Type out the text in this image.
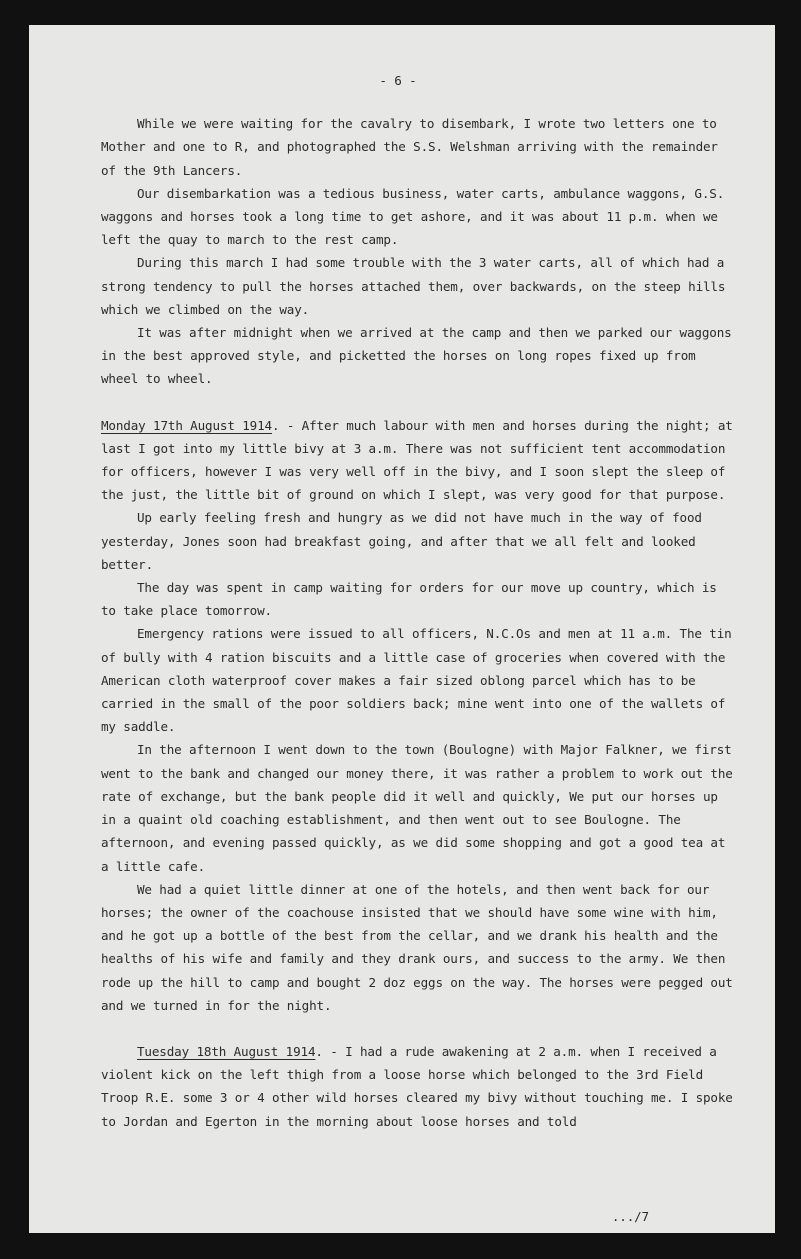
- 6 -

While we were waiting for the cavalry to disembark, I wrote two letters one to Mother and one to R, and photographed the S.S. Welshman arriving with the remainder of the 9th Lancers.

Our disembarkation was a tedious business, water carts, ambulance waggons, G.S. waggons and horses took a long time to get ashore, and it was about 11 p.m. when we left the quay to march to the rest camp.

During this march I had some trouble with the 3 water carts, all of which had a strong tendency to pull the horses attached them, over backwards, on the steep hills which we climbed on the way.

It was after midnight when we arrived at the camp and then we parked our waggons in the best approved style, and picketted the horses on long ropes fixed up from wheel to wheel.

Monday 17th August 1914. - After much labour with men and horses during the night; at last I got into my little bivy at 3 a.m. There was not sufficient tent accommodation for officers, however I was very well off in the bivy, and I soon slept the sleep of the just, the little bit of ground on which I slept, was very good for that purpose.

Up early feeling fresh and hungry as we did not have much in the way of food yesterday, Jones soon had breakfast going, and after that we all felt and looked better.

The day was spent in camp waiting for orders for our move up country, which is to take place tomorrow.

Emergency rations were issued to all officers, N.C.Os and men at 11 a.m. The tin of bully with 4 ration biscuits and a little case of groceries when covered with the American cloth waterproof cover makes a fair sized oblong parcel which has to be carried in the small of the poor soldiers back; mine went into one of the wallets of my saddle.

In the afternoon I went down to the town (Boulogne) with Major Falkner, we first went to the bank and changed our money there, it was rather a problem to work out the rate of exchange, but the bank people did it well and quickly, We put our horses up in a quaint old coaching establishment, and then went out to see Boulogne. The afternoon, and evening passed quickly, as we did some shopping and got a good tea at a little cafe.

We had a quiet little dinner at one of the hotels, and then went back for our horses; the owner of the coachouse insisted that we should have some wine with him, and he got up a bottle of the best from the cellar, and we drank his health and the healths of his wife and family and they drank ours, and success to the army. We then rode up the hill to camp and bought 2 doz eggs on the way. The horses were pegged out and we turned in for the night.

Tuesday 18th August 1914. - I had a rude awakening at 2 a.m. when I received a violent kick on the left thigh from a loose horse which belonged to the 3rd Field Troop R.E. some 3 or 4 other wild horses cleared my bivy without touching me. I spoke to Jordan and Egerton in the morning about loose horses and told

.../7
